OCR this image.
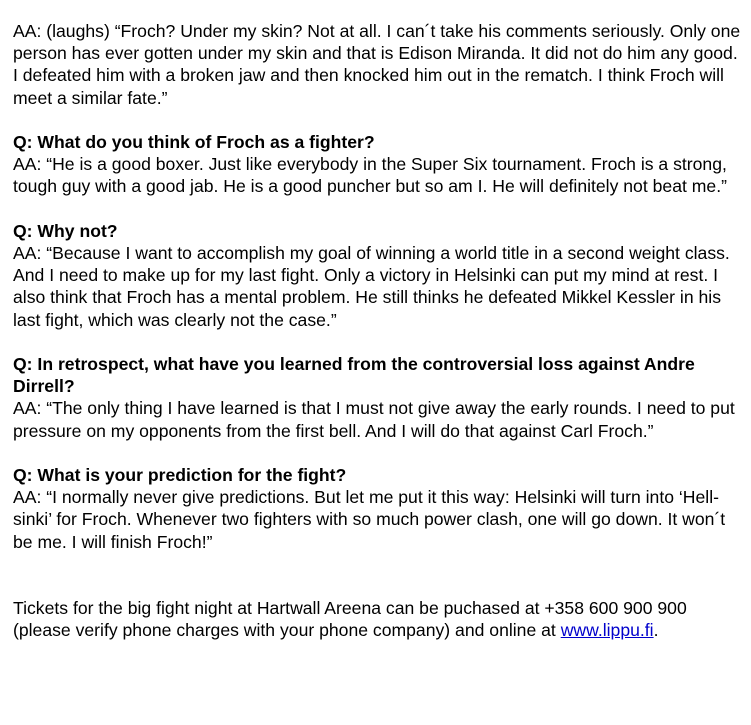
AA: (laughs) “Froch? Under my skin? Not at all. I can´t take his comments seriously. Only one person has ever gotten under my skin and that is Edison Miranda. It did not do him any good. I defeated him with a broken jaw and then knocked him out in the rematch. I think Froch will meet a similar fate.”

Q: What do you think of Froch as a fighter?

AA: “He is a good boxer. Just like everybody in the Super Six tournament. Froch is a strong, tough guy with a good jab. He is a good puncher but so am I. He will definitely not beat me.”

Q: Why not?

AA: “Because I want to accomplish my goal of winning a world title in a second weight class. And I need to make up for my last fight. Only a victory in Helsinki can put my mind at rest. I also think that Froch has a mental problem. He still thinks he defeated Mikkel Kessler in his last fight, which was clearly not the case.”

Q: In retrospect, what have you learned from the controversial loss against Andre Dirrell?

AA: “The only thing I have learned is that I must not give away the early rounds. I need to put pressure on my opponents from the first bell. And I will do that against Carl Froch.”

Q: What is your prediction for the fight?

AA: “I normally never give predictions. But let me put it this way: Helsinki will turn into ‘Hell-sinki’ for Froch. Whenever two fighters with so much power clash, one will go down. It won´t be me. I will finish Froch!”

Tickets for the big fight night at Hartwall Areena can be puchased at +358 600 900 900 (please verify phone charges with your phone company) and online at www.lippu.fi.
